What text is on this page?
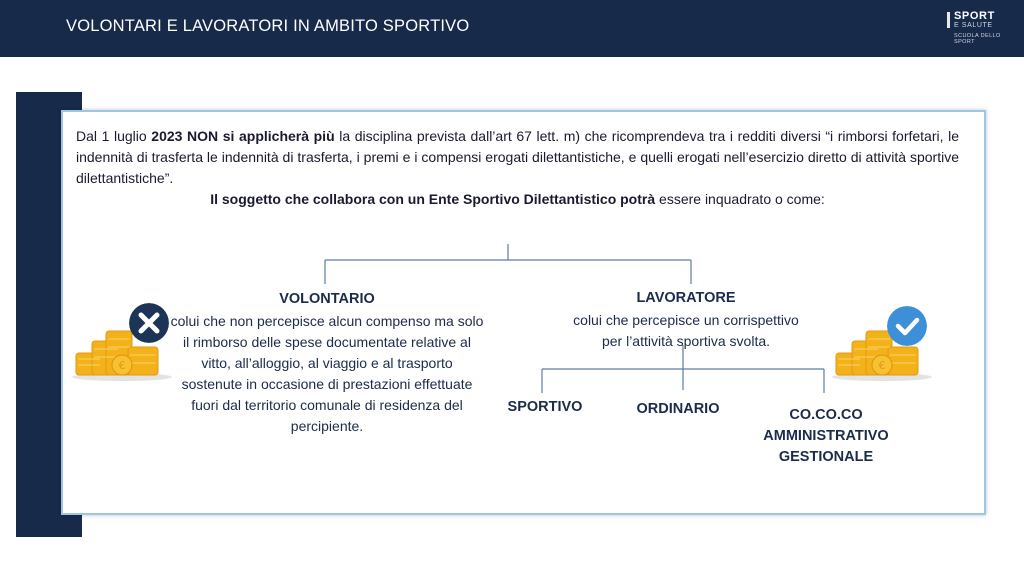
VOLONTARI E LAVORATORI IN AMBITO SPORTIVO
SPORT
E SALUTE
SCUOLA DELLO SPORT
Dal 1 luglio 2023 NON si applicherà più la disciplina prevista dall’art 67 lett. m) che ricomprendeva tra i redditi diversi “i rimborsi forfetari, le indennità di trasferta le indennità di trasferta, i premi e i compensi erogati dilettantistiche, e quelli erogati nell’esercizio diretto di attività sportive dilettantistiche”.
Il soggetto che collabora con un Ente Sportivo Dilettantistico potrà essere inquadrato o come:
€	€
VOLONTARIO
colui che non percepisce alcun compenso ma solo il rimborso delle spese documentate relative al vitto, all’alloggio, al viaggio e al trasporto sostenute in occasione di prestazioni effettuate fuori dal territorio comunale di residenza del percipiente.
LAVORATORE
colui che percepisce un corrispettivo
per l’attività sportiva svolta.
SPORTIVO	ORDINARIO	CO.CO.CO
AMMINISTRATIVO
GESTIONALE
